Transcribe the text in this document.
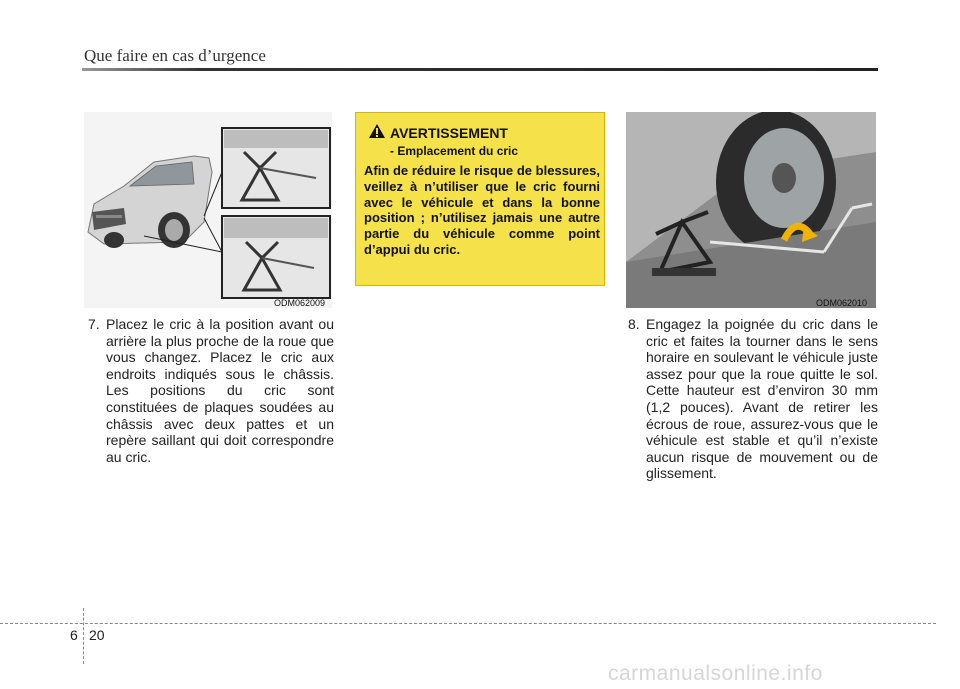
Que faire en cas d’urgence
ODM062009
AVERTISSEMENT
- Emplacement du cric
Afin de réduire le risque de blessures, veillez à n’utiliser que le cric fourni avec le véhicule et dans la bonne position ; n’utilisez jamais une autre partie du véhicule comme point d’appui du cric.
ODM062010
7. Placez le cric à la position avant ou arrière la plus proche de la roue que vous changez. Placez le cric aux endroits indiqués sous le châssis. Les positions du cric sont constituées de plaques soudées au châssis avec deux pattes et un repère saillant qui doit correspondre au cric.
8. Engagez la poignée du cric dans le cric et faites la tourner dans le sens horaire en soulevant le véhicule juste assez pour que la roue quitte le sol. Cette hauteur est d’environ 30 mm (1,2 pouces). Avant de retirer les écrous de roue, assurez-vous que le véhicule est stable et qu’il n’existe aucun risque de mouvement ou de glissement.
6 20
carmanualsonline.info
